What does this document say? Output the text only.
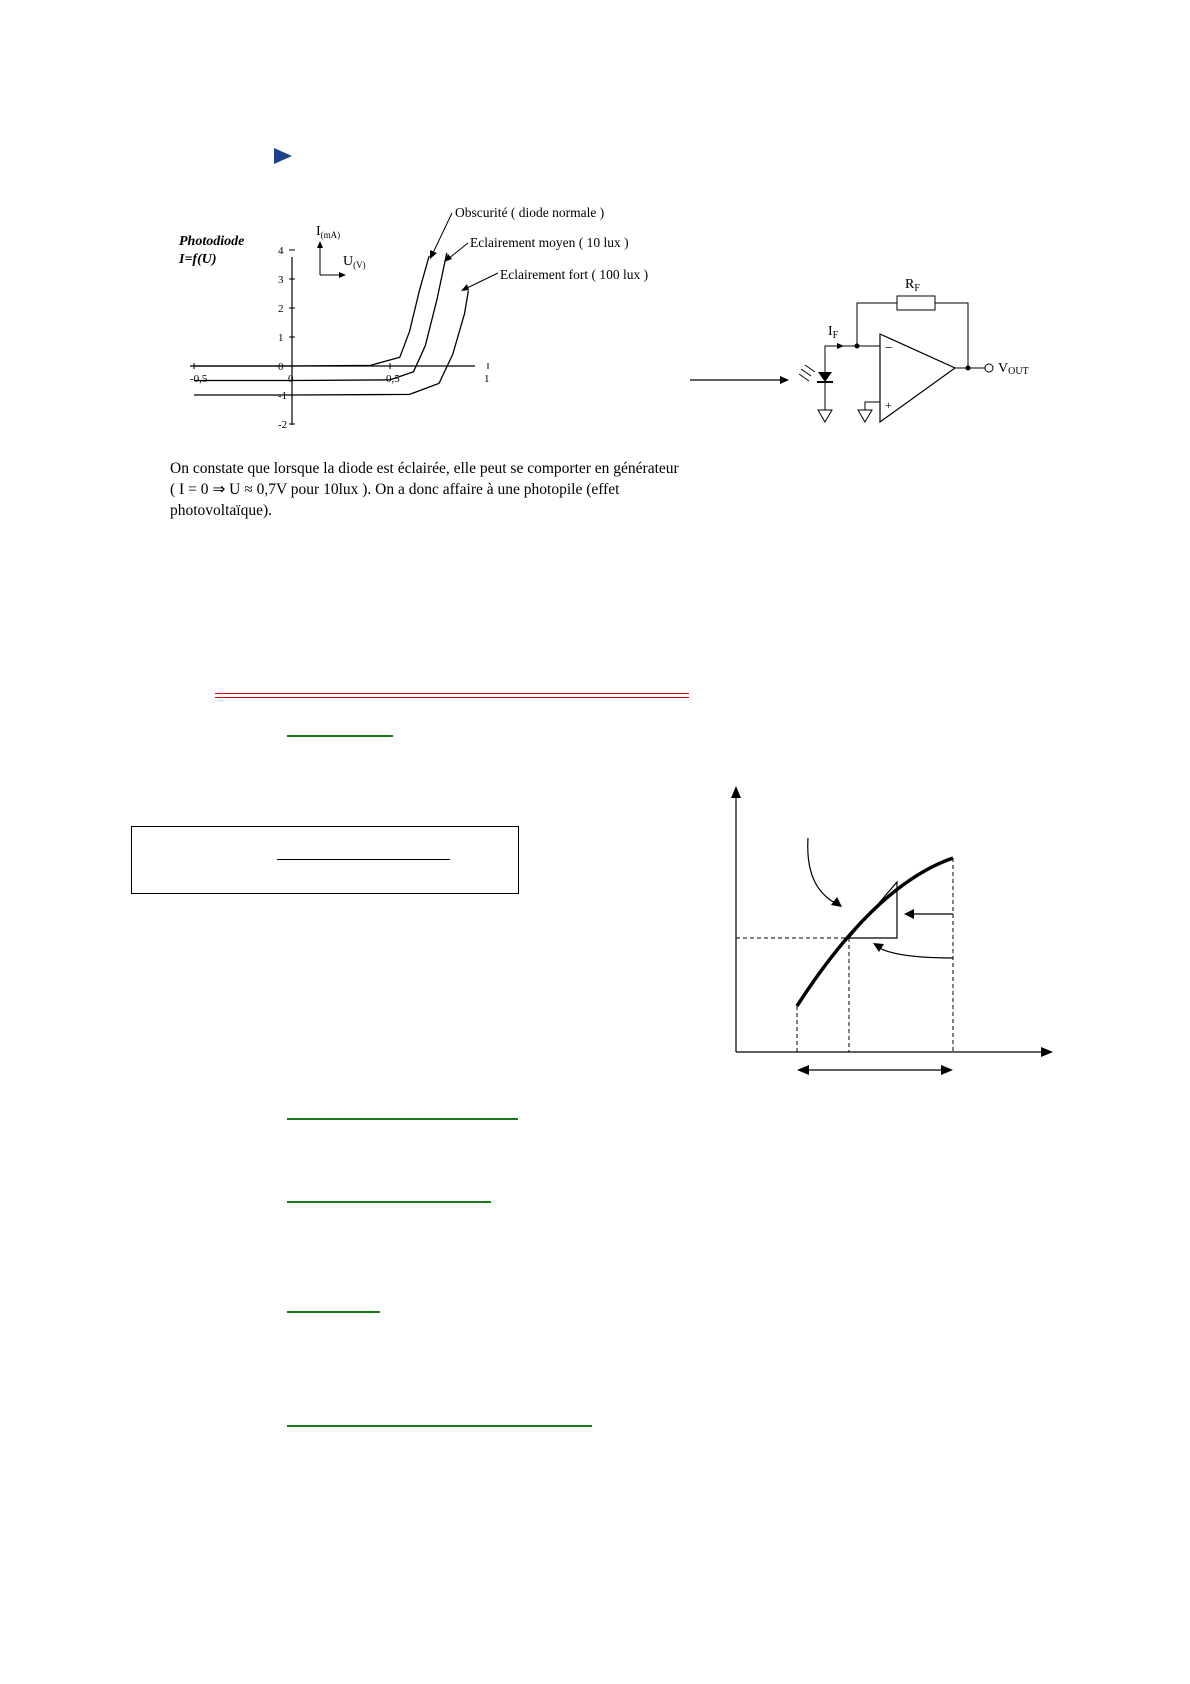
Photodiode
I=f(U)
$I_{(mA)}$
$U_{(V)}$
4
3
2
1
0
-1
-2
-0,5	0	0,5	1
Obscurité ( diode normale )
Eclairement moyen ( 10 lux )
Eclairement fort ( 100 lux )
On constate que lorsque la diode est éclairée, elle peut se comporter en générateur
( I = 0 ⇒ U ≈ 0,7V pour 10lux ). On a donc affaire à une photopile (effet
photovoltaïque).
$R_F$
$I_F$
−
+
VOUT
